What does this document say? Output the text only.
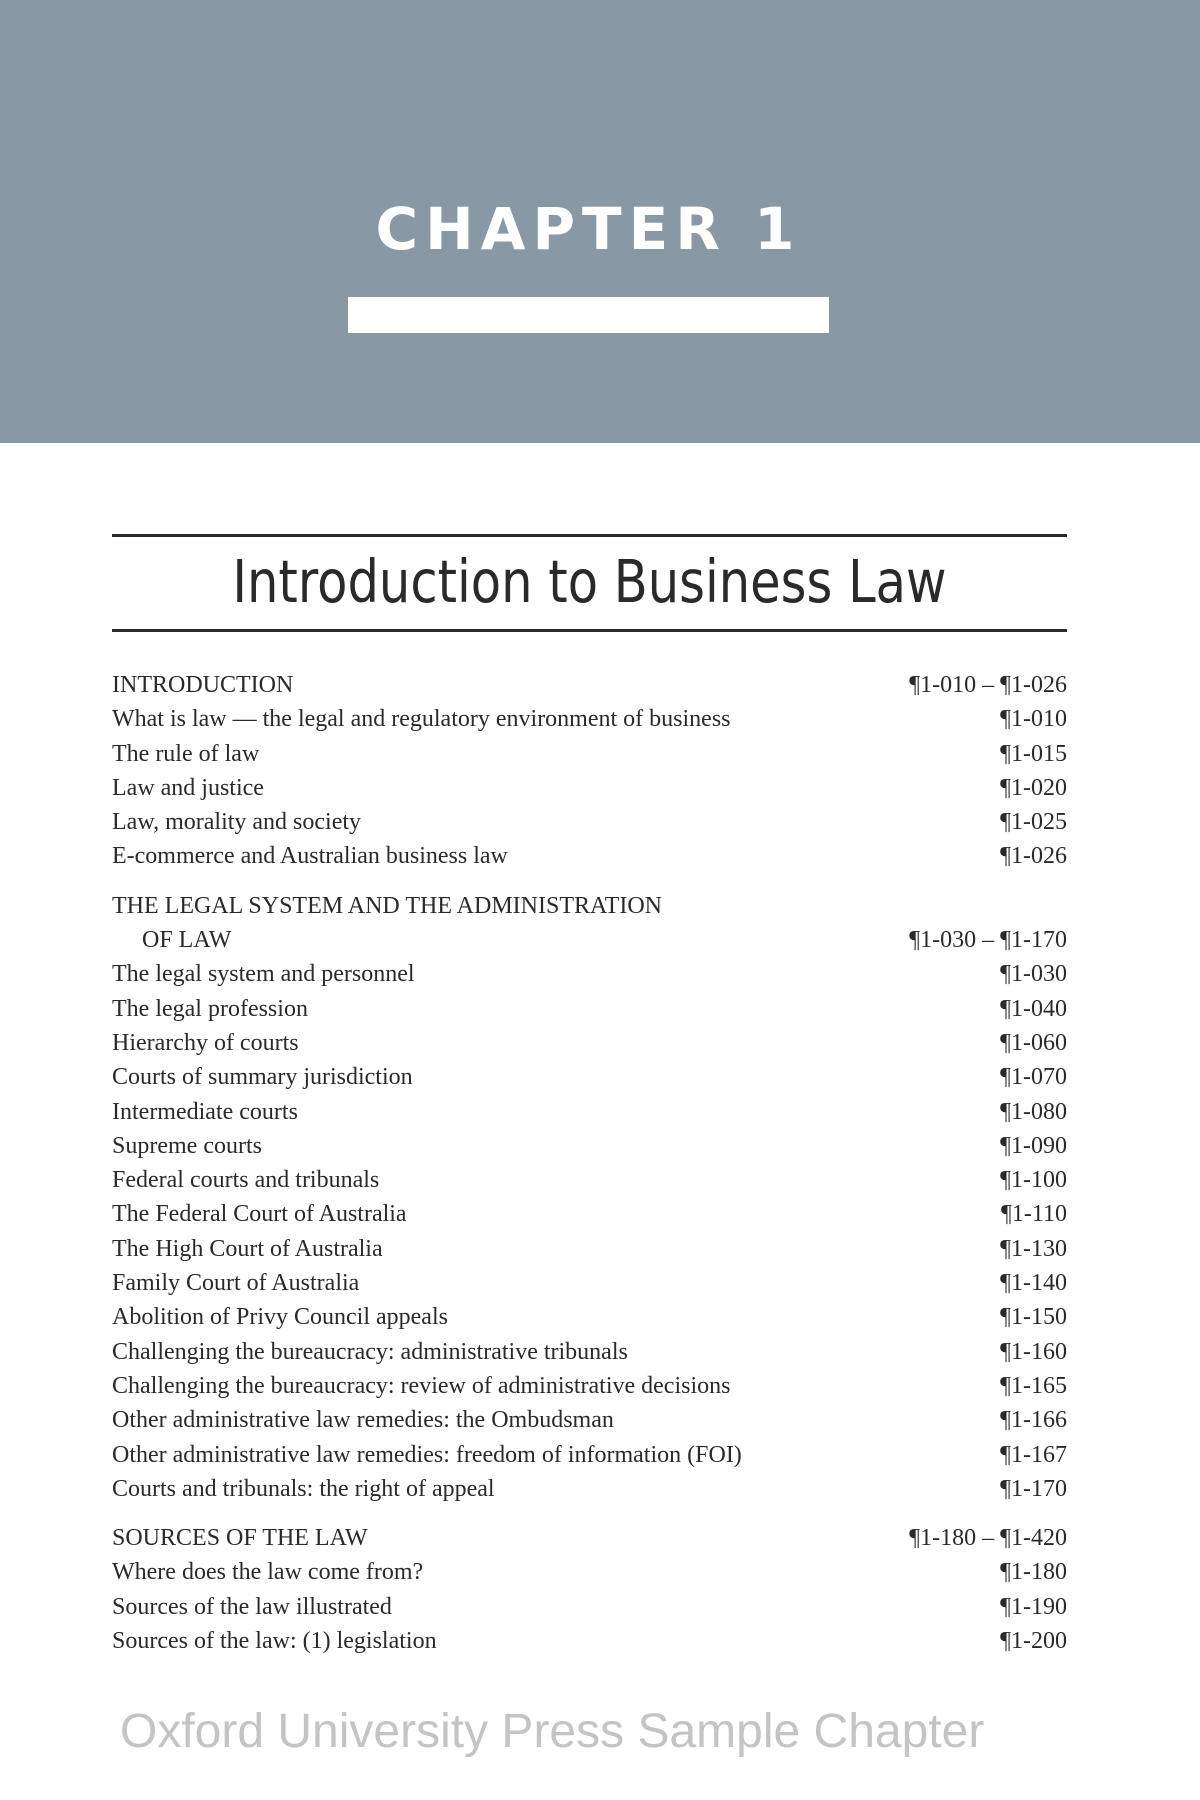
CHAPTER 1
Introduction to Business Law
INTRODUCTION	¶1-010 – ¶1-026
What is law — the legal and regulatory environment of business	¶1-010
The rule of law	¶1-015
Law and justice	¶1-020
Law, morality and society	¶1-025
E-commerce and Australian business law	¶1-026
THE LEGAL SYSTEM AND THE ADMINISTRATION
OF LAW	¶1-030 – ¶1-170
The legal system and personnel	¶1-030
The legal profession	¶1-040
Hierarchy of courts	¶1-060
Courts of summary jurisdiction	¶1-070
Intermediate courts	¶1-080
Supreme courts	¶1-090
Federal courts and tribunals	¶1-100
The Federal Court of Australia	¶1-110
The High Court of Australia	¶1-130
Family Court of Australia	¶1-140
Abolition of Privy Council appeals	¶1-150
Challenging the bureaucracy: administrative tribunals	¶1-160
Challenging the bureaucracy: review of administrative decisions	¶1-165
Other administrative law remedies: the Ombudsman	¶1-166
Other administrative law remedies: freedom of information (FOI)	¶1-167
Courts and tribunals: the right of appeal	¶1-170
SOURCES OF THE LAW	¶1-180 – ¶1-420
Where does the law come from?	¶1-180
Sources of the law illustrated	¶1-190
Sources of the law: (1) legislation	¶1-200
Oxford University Press Sample Chapter
